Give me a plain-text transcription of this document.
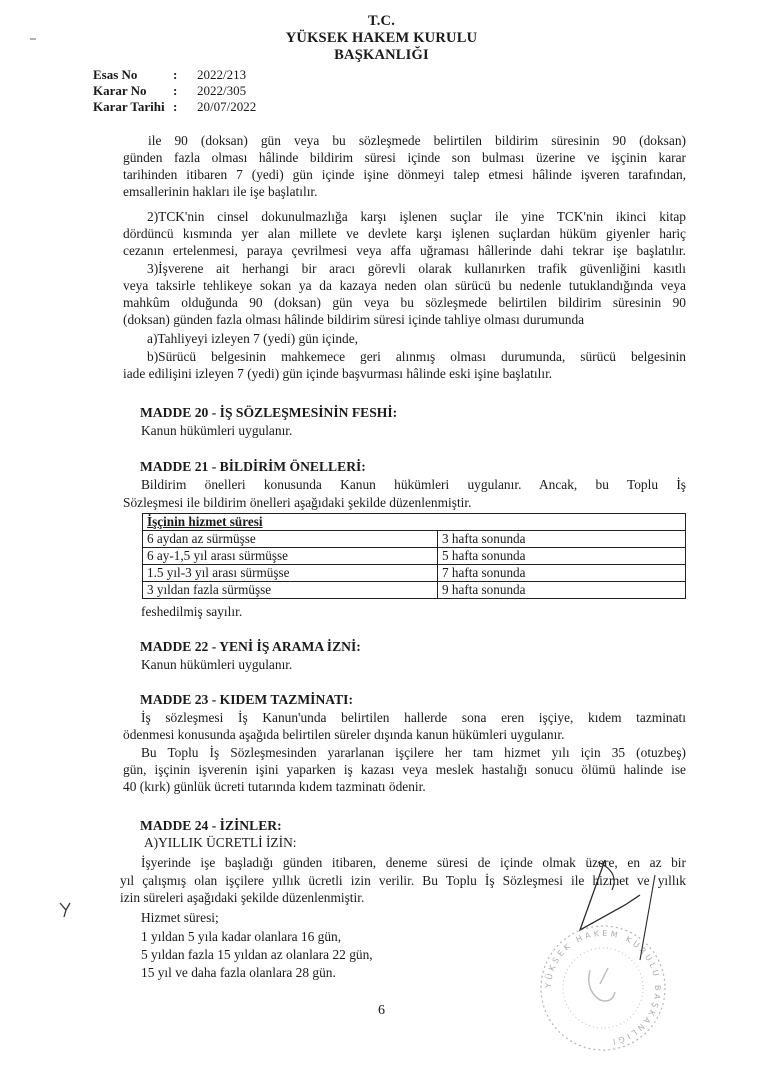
T.C.
YÜKSEK HAKEM KURULU
BAŞKANLIĞI
Esas No	:	2022/213
Karar No	:	2022/305
Karar Tarihi :	20/07/2022
ile 90 (doksan) gün veya bu sözleşmede belirtilen bildirim süresinin 90 (doksan)
günden fazla olması hâlinde bildirim süresi içinde son bulması üzerine ve işçinin karar
tarihinden itibaren 7 (yedi) gün içinde işine dönmeyi talep etmesi hâlinde işveren tarafından,
emsallerinin hakları ile işe başlatılır.
2)TCK'nin cinsel dokunulmazlığa karşı işlenen suçlar ile yine TCK'nin ikinci kitap
dördüncü kısmında yer alan millete ve devlete karşı işlenen suçlardan hüküm giyenler hariç
cezanın ertelenmesi, paraya çevrilmesi veya affa uğraması hâllerinde dahi tekrar işe başlatılır.
3)İşverene ait herhangi bir aracı görevli olarak kullanırken trafik güvenliğini kasıtlı
veya taksirle tehlikeye sokan ya da kazaya neden olan sürücü bu nedenle tutuklandığında veya
mahkûm olduğunda 90 (doksan) gün veya bu sözleşmede belirtilen bildirim süresinin 90
(doksan) günden fazla olması hâlinde bildirim süresi içinde tahliye olması durumunda
a)Tahliyeyi izleyen 7 (yedi) gün içinde,
b)Sürücü belgesinin mahkemece geri alınmış olması durumunda, sürücü belgesinin
iade edilişini izleyen 7 (yedi) gün içinde başvurması hâlinde eski işine başlatılır.
MADDE 20 - İŞ SÖZLEŞMESİNİN FESHİ:
Kanun hükümleri uygulanır.
MADDE 21 - BİLDİRİM ÖNELLERİ:
Bildirim önelleri konusunda Kanun hükümleri uygulanır. Ancak, bu Toplu İş
Sözleşmesi ile bildirim önelleri aşağıdaki şekilde düzenlenmiştir.
İşçinin hizmet süresi	
6 aydan az sürmüşse	3 hafta sonunda
6 ay-1,5 yıl arası sürmüşse	5 hafta sonunda
1.5 yıl-3 yıl arası sürmüşse	7 hafta sonunda
3 yıldan fazla sürmüşse	9 hafta sonunda
feshedilmiş sayılır.
MADDE 22 - YENİ İŞ ARAMA İZNİ:
Kanun hükümleri uygulanır.
MADDE 23 - KIDEM TAZMİNATI:
İş sözleşmesi İş Kanun'unda belirtilen hallerde sona eren işçiye, kıdem tazminatı
ödenmesi konusunda aşağıda belirtilen süreler dışında kanun hükümleri uygulanır.
Bu Toplu İş Sözleşmesinden yararlanan işçilere her tam hizmet yılı için 35 (otuzbeş)
gün, işçinin işverenin işini yaparken iş kazası veya meslek hastalığı sonucu ölümü halinde ise
40 (kırk) günlük ücreti tutarında kıdem tazminatı ödenir.
MADDE 24 - İZİNLER:
A)YILLIK ÜCRETLİ İZİN:
İşyerinde işe başladığı günden itibaren, deneme süresi de içinde olmak üzere, en az bir
yıl çalışmış olan işçilere yıllık ücretli izin verilir. Bu Toplu İş Sözleşmesi ile hizmet ve yıllık
izin süreleri aşağıdaki şekilde düzenlenmiştir.
Hizmet süresi;
1 yıldan 5 yıla kadar olanlara 16 gün,
5 yıldan fazla 15 yıldan az olanlara 22 gün,
15 yıl ve daha fazla olanlara 28 gün.
6
YÜKSEK HAKEM KURULU BAŞKANLIĞI
